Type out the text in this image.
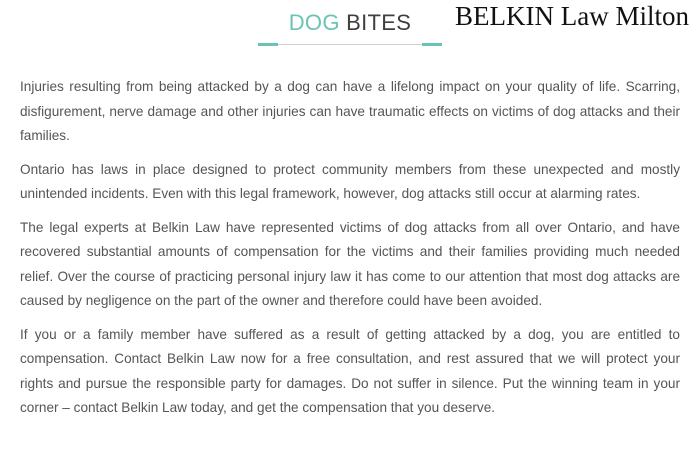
BELKIN Law Milton
DOG BITES

Injuries resulting from being attacked by a dog can have a lifelong impact on your quality of life. Scarring, disfigurement, nerve damage and other injuries can have traumatic effects on victims of dog attacks and their families.

Ontario has laws in place designed to protect community members from these unexpected and mostly unintended incidents. Even with this legal framework, however, dog attacks still occur at alarming rates.

The legal experts at Belkin Law have represented victims of dog attacks from all over Ontario, and have recovered substantial amounts of compensation for the victims and their families providing much needed relief. Over the course of practicing personal injury law it has come to our attention that most dog attacks are caused by negligence on the part of the owner and therefore could have been avoided.

If you or a family member have suffered as a result of getting attacked by a dog, you are entitled to compensation. Contact Belkin Law now for a free consultation, and rest assured that we will protect your rights and pursue the responsible party for damages. Do not suffer in silence. Put the winning team in your corner – contact Belkin Law today, and get the compensation that you deserve.
